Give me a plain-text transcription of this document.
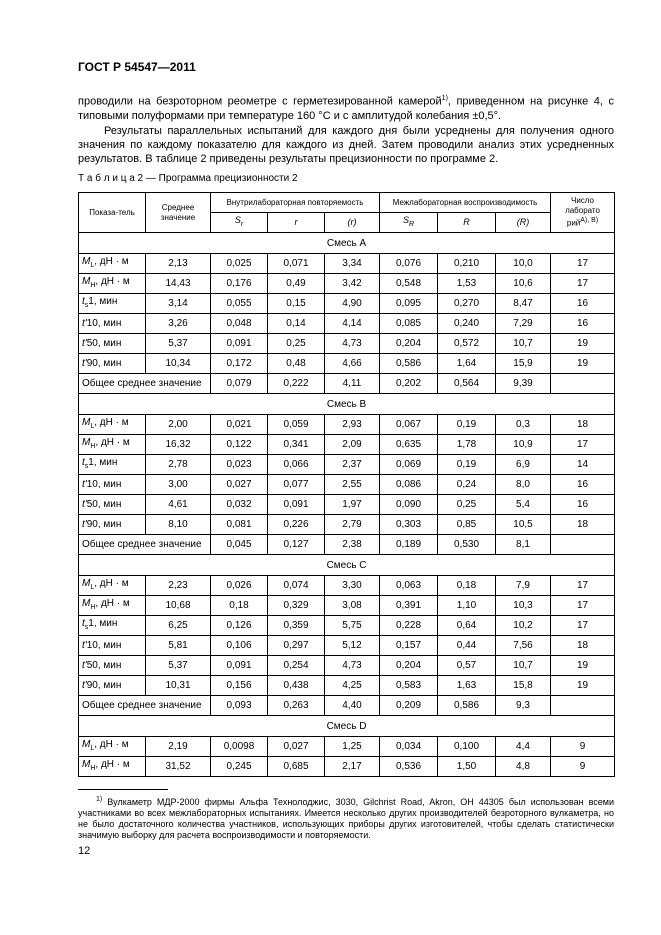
ГОСТ Р 54547—2011
проводили на безроторном реометре с герметезированной камерой$^{1)}$, приведенном на рисунке 4, с типовыми полуформами при температуре 160 °С и с амплитудой колебания ±0,5°.
Результаты параллельных испытаний для каждого дня были усреднены для получения одного значения по каждому показателю для каждого из дней. Затем проводили анализ этих усредненных результатов. В таблице 2 приведены результаты прецизионности по программе 2.
Т а б л и ц а 2 — Программа прецизионности 2
Показа-тель	Среднее значение	Внутрилабораторная повторяемость			Межлабораторная воспроизводимость			Число лаборато рий$^{А), В)}$
		$S_r$	r	(r)	$S_R$	R	(R)	
Смесь А								
$M_L$, дН · м	2,13	0,025	0,071	3,34	0,076	0,210	10,0	17
$M_H$, дН · м	14,43	0,176	0,49	3,42	0,548	1,53	10,6	17
$t_s1$, мин	3,14	0,055	0,15	4,90	0,095	0,270	8,47	16
t'10, мин	3,26	0,048	0,14	4,14	0,085	0,240	7,29	16
t'50, мин	5,37	0,091	0,25	4,73	0,204	0,572	10,7	19
t'90, мин	10,34	0,172	0,48	4,66	0,586	1,64	15,9	19
Общее среднее значение		0,079	0,222	4,11	0,202	0,564	9,39	
Смесь В								
$M_L$, дН · м	2,00	0,021	0,059	2,93	0,067	0,19	0,3	18
$M_H$, дН · м	16,32	0,122	0,341	2,09	0,635	1,78	10,9	17
$t_s1$, мин	2,78	0,023	0,066	2,37	0,069	0,19	6,9	14
t'10, мин	3,00	0,027	0,077	2,55	0,086	0,24	8,0	16
t'50, мин	4,61	0,032	0,091	1,97	0,090	0,25	5,4	16
t'90, мин	8,10	0,081	0,226	2,79	0,303	0,85	10,5	18
Общее среднее значение		0,045	0,127	2,38	0,189	0,530	8,1	
Смесь С								
$M_L$, дН · м	2,23	0,026	0,074	3,30	0,063	0,18	7,9	17
$M_H$, дН · м	10,68	0,18	0,329	3,08	0,391	1,10	10,3	17
$t_s1$, мин	6,25	0,126	0,359	5,75	0,228	0,64	10,2	17
t'10, мин	5,81	0,106	0,297	5,12	0,157	0,44	7,56	18
t'50, мин	5,37	0,091	0,254	4,73	0,204	0,57	10,7	19
t'90, мин	10,31	0,156	0,438	4,25	0,583	1,63	15,8	19
Общее среднее значение		0,093	0,263	4,40	0,209	0,586	9,3	
Смесь D								
$M_L$, дН · м	2,19	0,0098	0,027	1,25	0,034	0,100	4,4	9
$M_H$, дН · м	31,52	0,245	0,685	2,17	0,536	1,50	4,8	9
$^{1)}$ Вулкаметр МДР-2000 фирмы Альфа Технолоджис, 3030, Gilchrist Road, Akron, OH 44305 был использован всеми участниками во всех межлабораторных испытаниях. Имеется несколько других производителей безроторного вулкаметра, но не было достаточного количества участников, использующих приборы других изготовителей, чтобы сделать статистически значимую выборку для расчета воспроизводимости и повторяемости.
12
